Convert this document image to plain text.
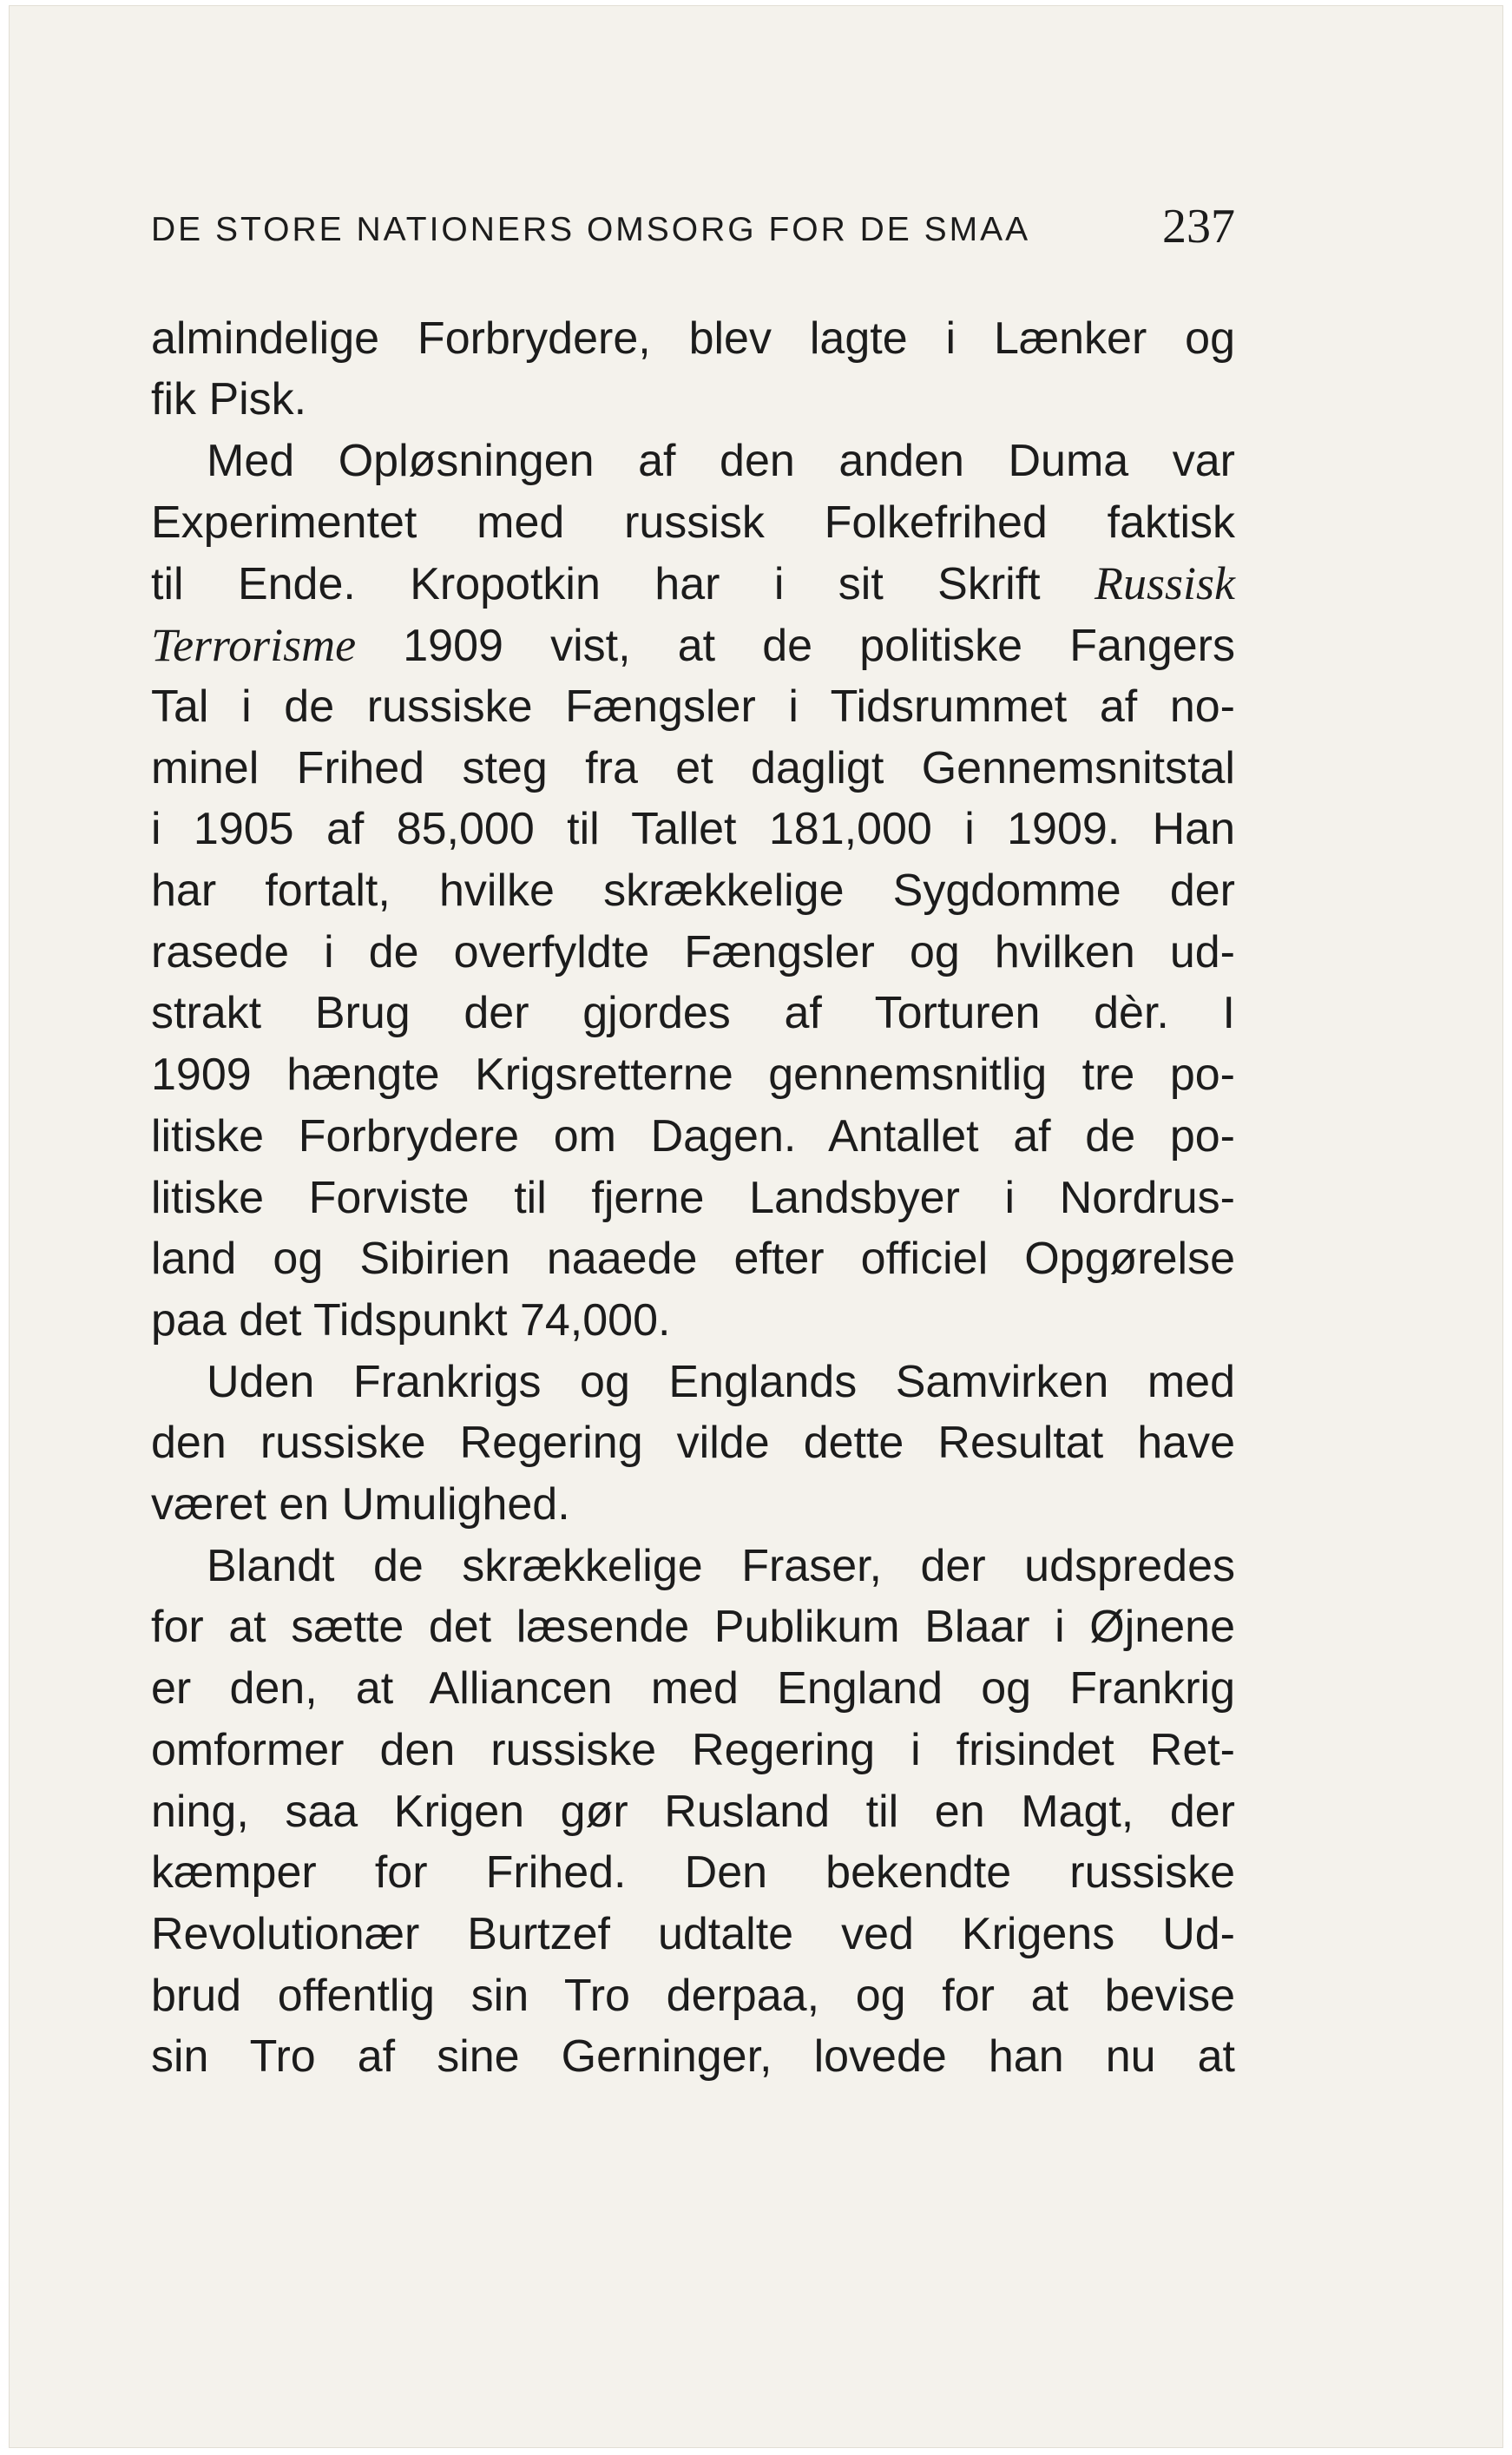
DE STORE NATIONERS OMSORG FOR DE SMAA	237
almindelige Forbrydere, blev lagte i Lænker og
fik Pisk.
Med Opløsningen af den anden Duma var
Experimentet med russisk Folkefrihed faktisk
til Ende. Kropotkin har i sit Skrift Russisk
Terrorisme 1909 vist, at de politiske Fangers
Tal i de russiske Fængsler i Tidsrummet af no-
minel Frihed steg fra et dagligt Gennemsnitstal
i 1905 af 85,000 til Tallet 181,000 i 1909. Han
har fortalt, hvilke skrækkelige Sygdomme der
rasede i de overfyldte Fængsler og hvilken ud-
strakt Brug der gjordes af Torturen dèr. I
1909 hængte Krigsretterne gennemsnitlig tre po-
litiske Forbrydere om Dagen. Antallet af de po-
litiske Forviste til fjerne Landsbyer i Nordrus-
land og Sibirien naaede efter officiel Opgørelse
paa det Tidspunkt 74,000.
Uden Frankrigs og Englands Samvirken med
den russiske Regering vilde dette Resultat have
været en Umulighed.
Blandt de skrækkelige Fraser, der udspredes
for at sætte det læsende Publikum Blaar i Øjnene
er den, at Alliancen med England og Frankrig
omformer den russiske Regering i frisindet Ret-
ning, saa Krigen gør Rusland til en Magt, der
kæmper for Frihed. Den bekendte russiske
Revolutionær Burtzef udtalte ved Krigens Ud-
brud offentlig sin Tro derpaa, og for at bevise
sin Tro af sine Gerninger, lovede han nu at
